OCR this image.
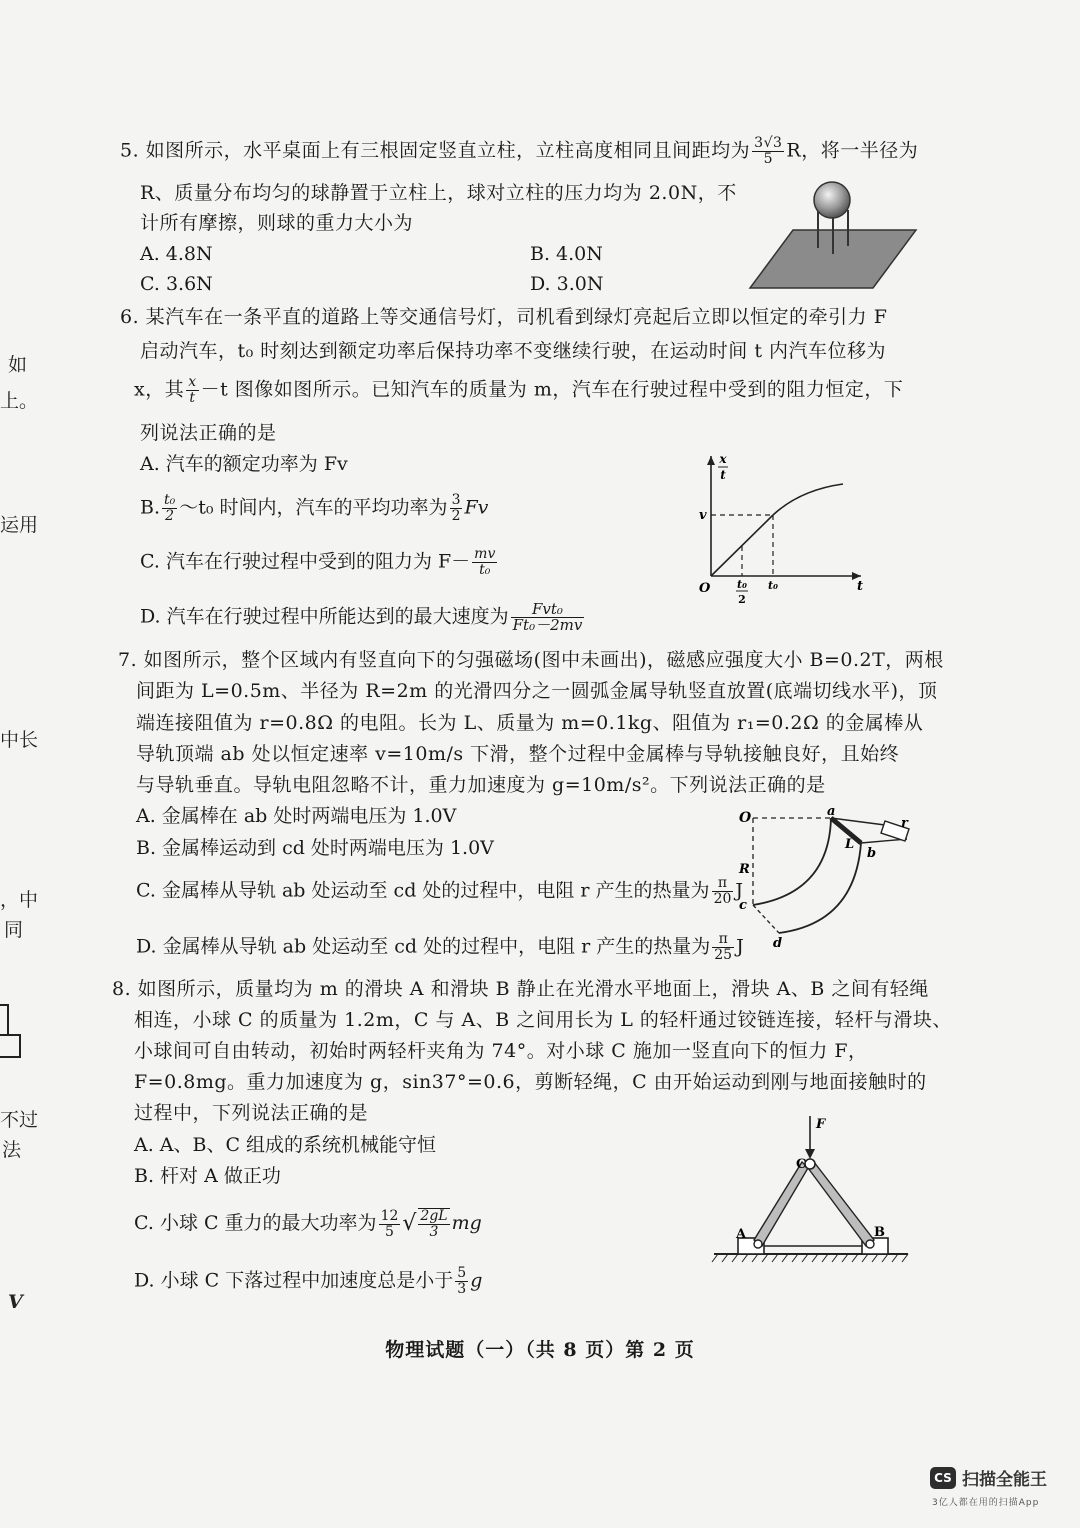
如
上。
运用
中长
，中
同
不过
法
V
5. 如图所示，水平桌面上有三根固定竖直立柱，立柱高度相同且间距均为 $\frac{3√3}{5}$ R，将一半径为
R、质量分布均匀的球静置于立柱上，球对立柱的压力均为 2.0N，不
计所有摩擦，则球的重力大小为
A. 4.8N	B. 4.0N
C. 3.6N	D. 3.0N
6. 某汽车在一条平直的道路上等交通信号灯，司机看到绿灯亮起后立即以恒定的牵引力 F
启动汽车，t₀ 时刻达到额定功率后保持功率不变继续行驶，在运动时间 t 内汽车位移为
x，其 $\frac{x}{t} -t$ 图像如图所示。已知汽车的质量为 m，汽车在行驶过程中受到的阻力恒定，下
列说法正确的是
A. 汽车的额定功率为 Fv
B. $\frac{\text{t₀}}{2}$ ～t₀ 时间内，汽车的平均功率为 $\frac{3}{2}$ Fv
C. 汽车在行驶过程中受到的阻力为 $F- \frac{mv}{\text{t₀}}$
D. 汽车在行驶过程中所能达到的最大速度为 $\frac{\text{Fvt₀}}{\text{Ft₀－2mv}}$
x
t
v
O t₀
2
t₀	t
7. 如图所示，整个区域内有竖直向下的匀强磁场(图中未画出)，磁感应强度大小 B=0.2T，两根
间距为 L=0.5m、半径为 R=2m 的光滑四分之一圆弧金属导轨竖直放置(底端切线水平)，顶
端连接阻值为 r=0.8Ω 的电阻。长为 L、质量为 m=0.1kg、阻值为 r₁=0.2Ω 的金属棒从
导轨顶端 ab 处以恒定速率 v=10m/s 下滑，整个过程中金属棒与导轨接触良好，且始终
与导轨垂直。导轨电阻忽略不计，重力加速度为 g=10m/s²。下列说法正确的是
A. 金属棒在 ab 处时两端电压为 1.0V
B. 金属棒运动到 cd 处时两端电压为 1.0V
C. 金属棒从导轨 ab 处运动至 cd 处的过程中，电阻 r 产生的热量为 $\frac{\pi}{20}$ J
D. 金属棒从导轨 ab 处运动至 cd 处的过程中，电阻 r 产生的热量为 $\frac{\pi}{25}$ J
O	a
b
c
d
R
L
r
8. 如图所示，质量均为 m 的滑块 A 和滑块 B 静止在光滑水平地面上，滑块 A、B 之间有轻绳
相连，小球 C 的质量为 1.2m，C 与 A、B 之间用长为 L 的轻杆通过铰链连接，轻杆与滑块、
小球间可自由转动，初始时两轻杆夹角为 74°。对小球 C 施加一竖直向下的恒力 F，
F=0.8mg。重力加速度为 g，sin37°=0.6，剪断轻绳，C 由开始运动到刚与地面接触时的
过程中，下列说法正确的是
A. A、B、C 组成的系统机械能守恒
B. 杆对 A 做正功
C. 小球 C 重力的最大功率为 $\frac{12}{5}$ √ $\frac{2gL}{3}$ mg
D. 小球 C 下落过程中加速度总是小于 $\frac{5}{3}$ g
F
C
A	B
物理试题（一）（共 8 页）第 2 页
CS 扫描全能王
3亿人都在用的扫描App
